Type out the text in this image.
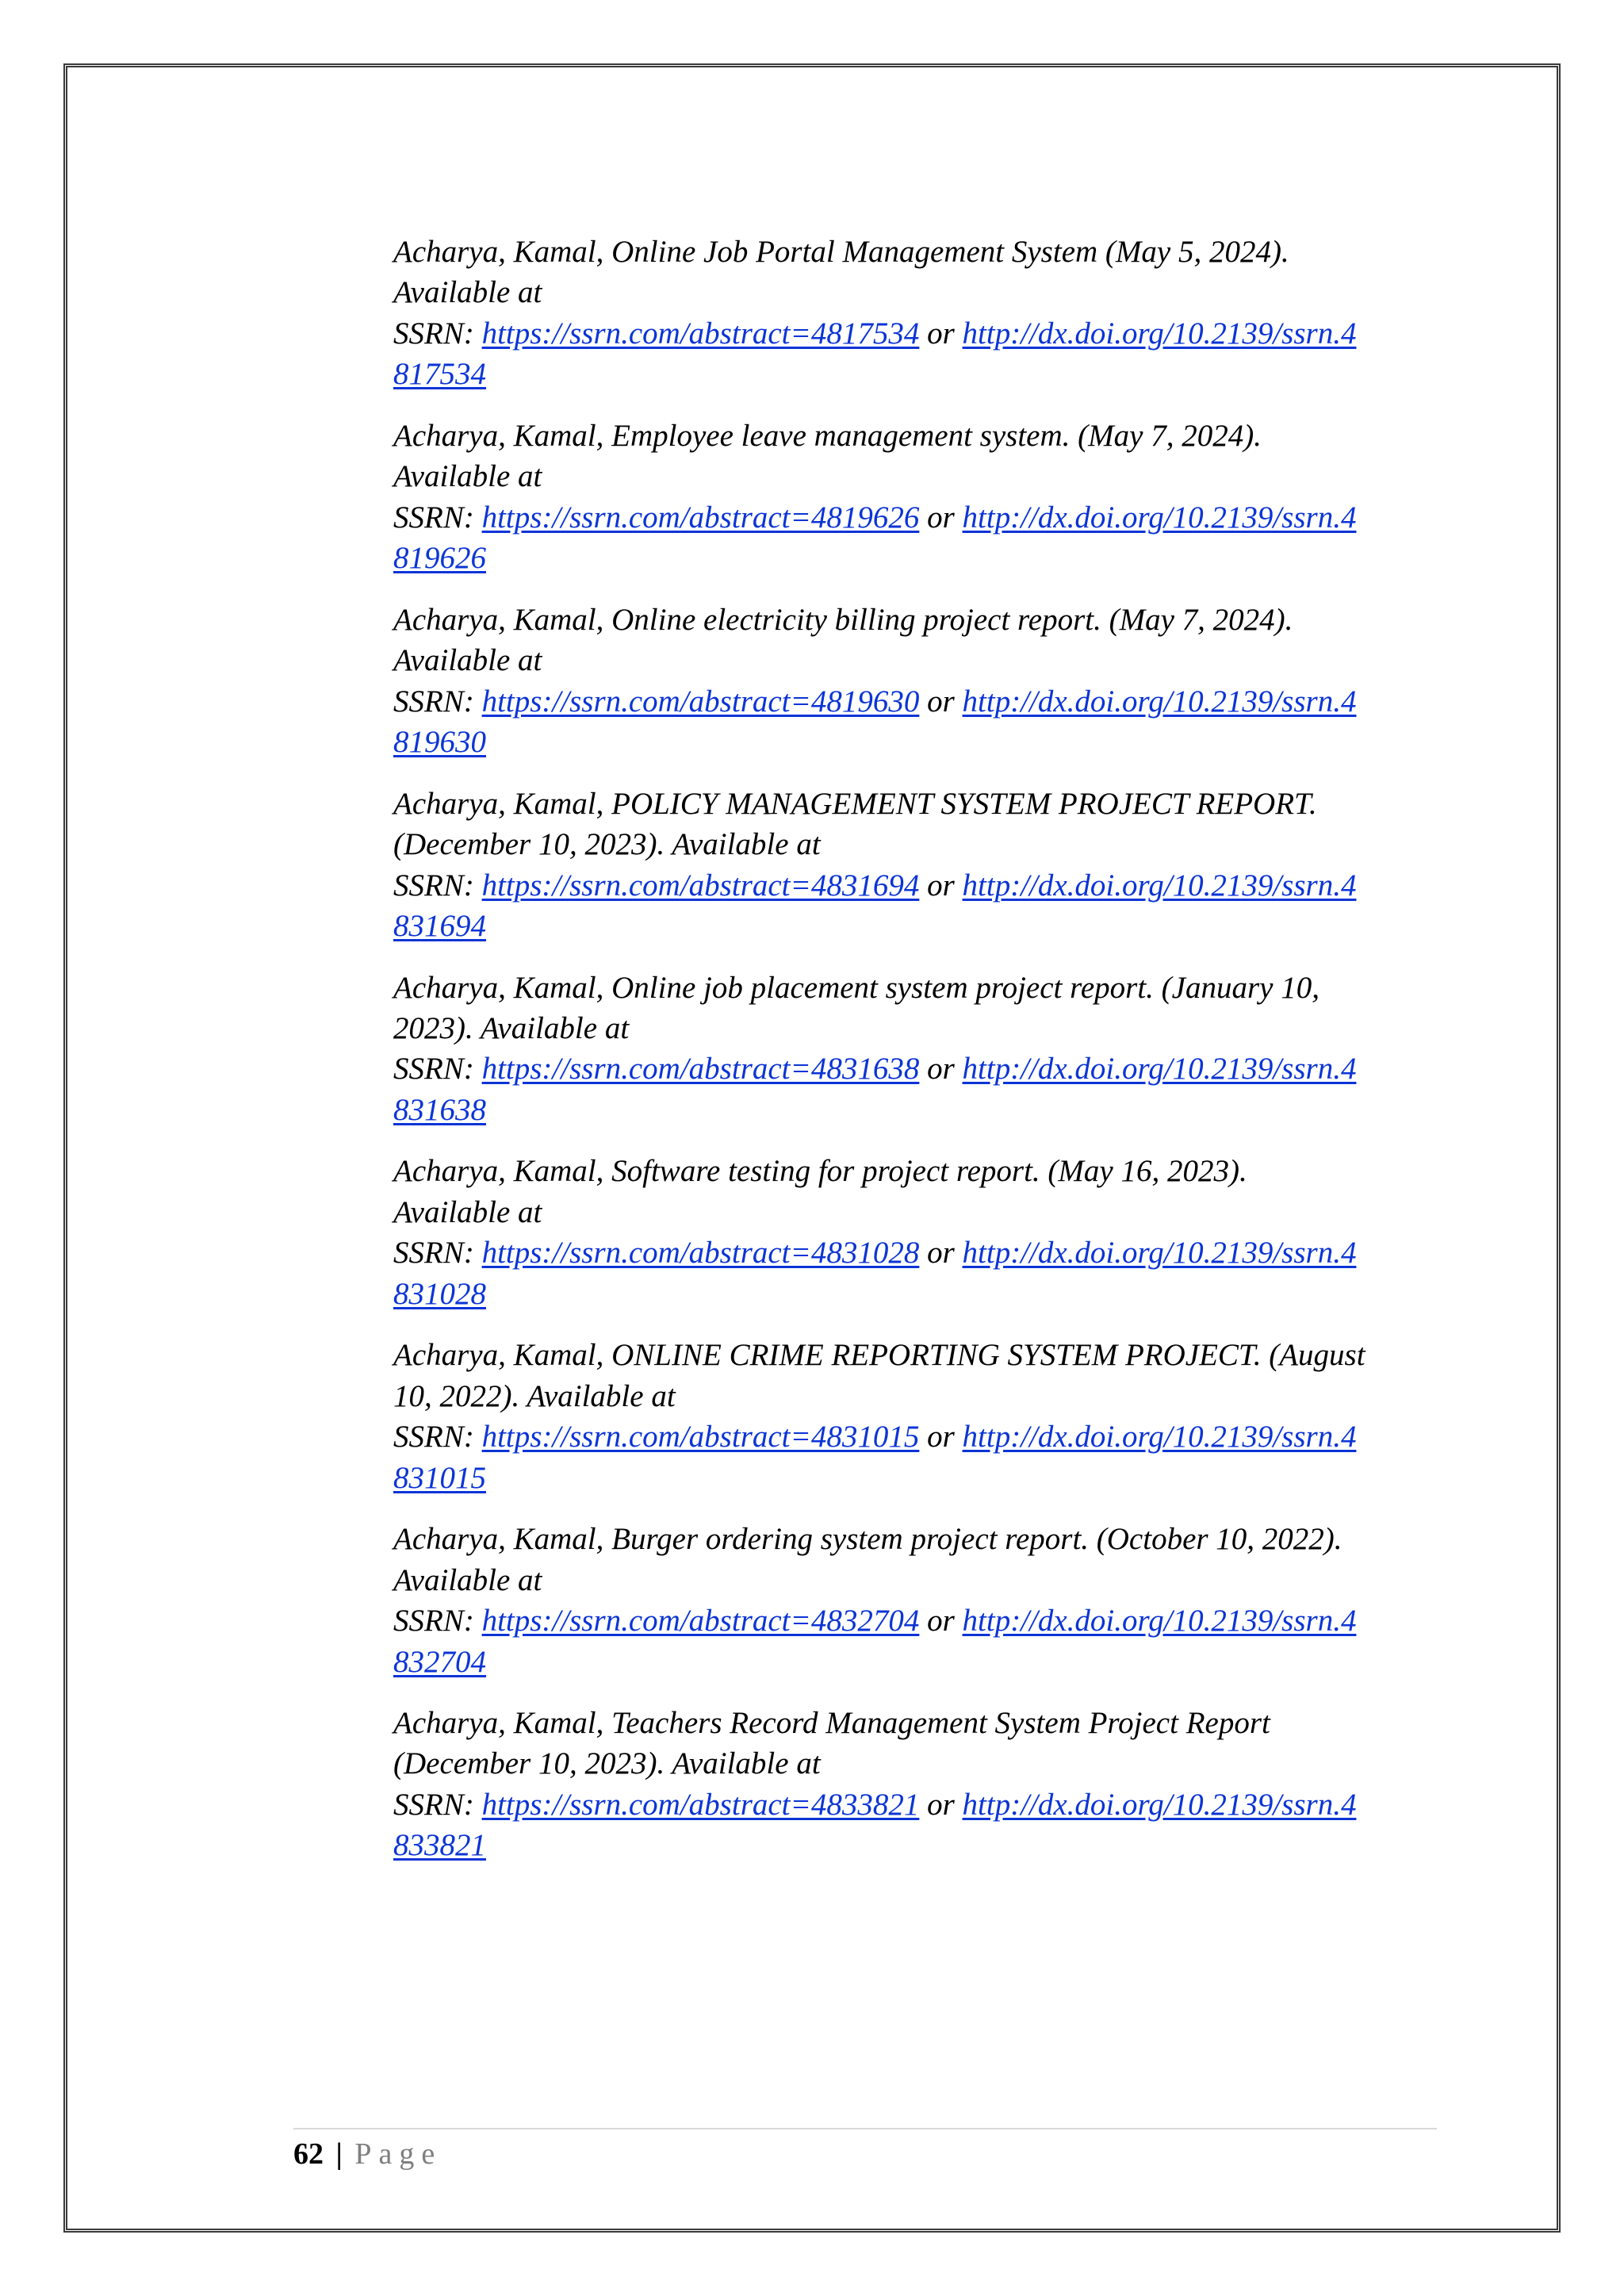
Acharya, Kamal, Online Job Portal Management System (May 5, 2024).
Available at
SSRN: https://ssrn.com/abstract=4817534 or http://dx.doi.org/10.2139/ssrn.4
817534
Acharya, Kamal, Employee leave management system. (May 7, 2024).
Available at
SSRN: https://ssrn.com/abstract=4819626 or http://dx.doi.org/10.2139/ssrn.4
819626
Acharya, Kamal, Online electricity billing project report. (May 7, 2024).
Available at
SSRN: https://ssrn.com/abstract=4819630 or http://dx.doi.org/10.2139/ssrn.4
819630
Acharya, Kamal, POLICY MANAGEMENT SYSTEM PROJECT REPORT.
(December 10, 2023). Available at
SSRN: https://ssrn.com/abstract=4831694 or http://dx.doi.org/10.2139/ssrn.4
831694
Acharya, Kamal, Online job placement system project report. (January 10,
2023). Available at
SSRN: https://ssrn.com/abstract=4831638 or http://dx.doi.org/10.2139/ssrn.4
831638
Acharya, Kamal, Software testing for project report. (May 16, 2023).
Available at
SSRN: https://ssrn.com/abstract=4831028 or http://dx.doi.org/10.2139/ssrn.4
831028
Acharya, Kamal, ONLINE CRIME REPORTING SYSTEM PROJECT. (August
10, 2022). Available at
SSRN: https://ssrn.com/abstract=4831015 or http://dx.doi.org/10.2139/ssrn.4
831015
Acharya, Kamal, Burger ordering system project report. (October 10, 2022).
Available at
SSRN: https://ssrn.com/abstract=4832704 or http://dx.doi.org/10.2139/ssrn.4
832704
Acharya, Kamal, Teachers Record Management System Project Report
(December 10, 2023). Available at
SSRN: https://ssrn.com/abstract=4833821 or http://dx.doi.org/10.2139/ssrn.4
833821
62 | Page
